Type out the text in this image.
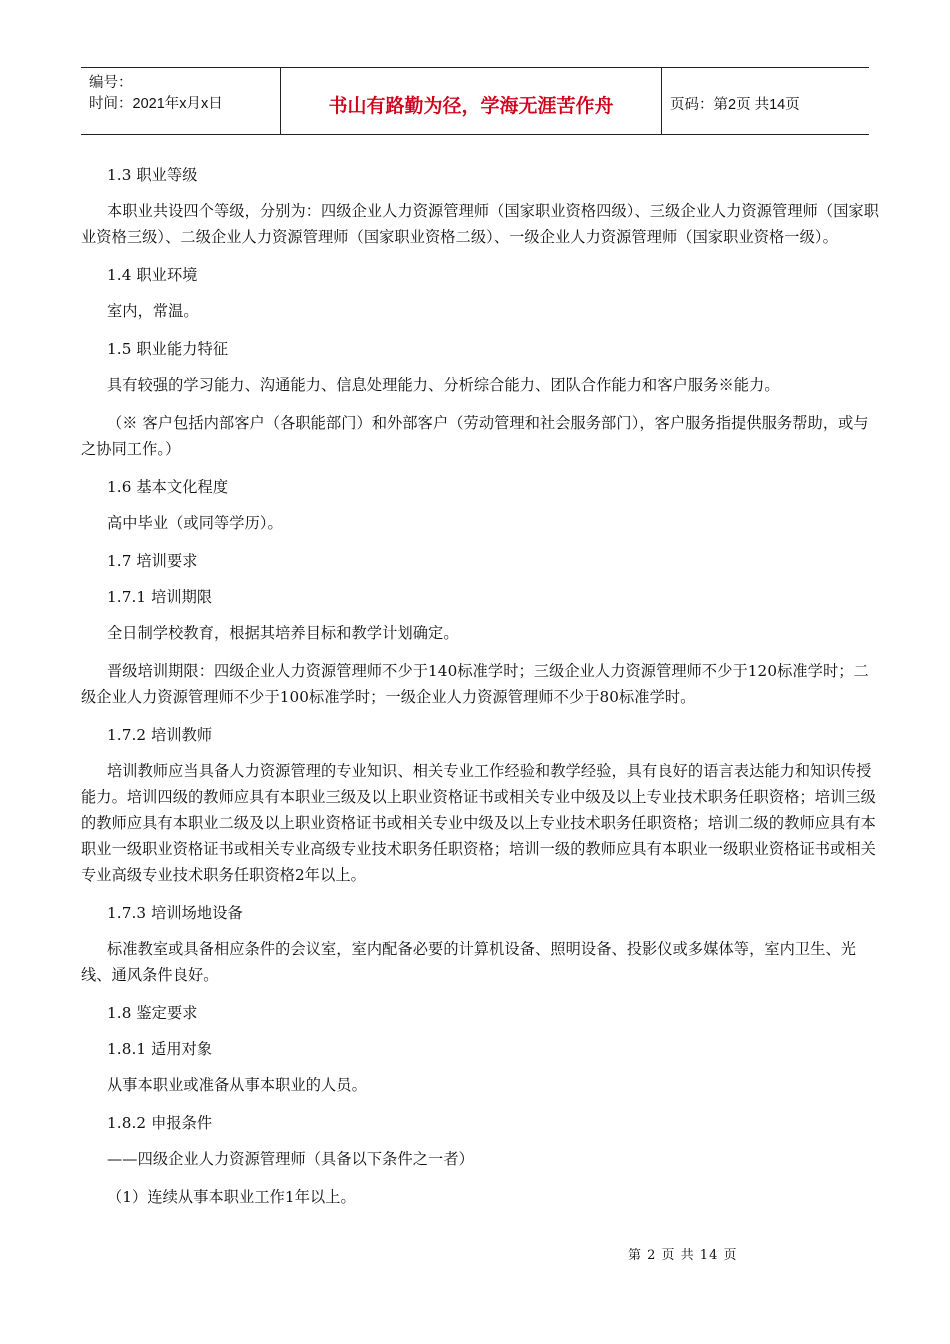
编号：
时间：2021年x月x日	书山有路勤为径，学海无涯苦作舟	页码：第2页 共14页

1.3 职业等级

本职业共设四个等级，分别为：四级企业人力资源管理师（国家职业资格四级）、三级企业人力资源管理师（国家职业资格三级）、二级企业人力资源管理师（国家职业资格二级）、一级企业人力资源管理师（国家职业资格一级）。

1.4 职业环境

室内，常温。

1.5 职业能力特征

具有较强的学习能力、沟通能力、信息处理能力、分析综合能力、团队合作能力和客户服务※能力。

（※ 客户包括内部客户（各职能部门）和外部客户（劳动管理和社会服务部门），客户服务指提供服务帮助，或与之协同工作。）

1.6 基本文化程度

高中毕业（或同等学历）。

1.7 培训要求

1.7.1 培训期限

全日制学校教育，根据其培养目标和教学计划确定。

晋级培训期限：四级企业人力资源管理师不少于140标准学时；三级企业人力资源管理师不少于120标准学时；二级企业人力资源管理师不少于100标准学时；一级企业人力资源管理师不少于80标准学时。

1.7.2 培训教师

培训教师应当具备人力资源管理的专业知识、相关专业工作经验和教学经验，具有良好的语言表达能力和知识传授能力。培训四级的教师应具有本职业三级及以上职业资格证书或相关专业中级及以上专业技术职务任职资格；培训三级的教师应具有本职业二级及以上职业资格证书或相关专业中级及以上专业技术职务任职资格；培训二级的教师应具有本职业一级职业资格证书或相关专业高级专业技术职务任职资格；培训一级的教师应具有本职业一级职业资格证书或相关专业高级专业技术职务任职资格2年以上。

1.7.3 培训场地设备

标准教室或具备相应条件的会议室，室内配备必要的计算机设备、照明设备、投影仪或多媒体等，室内卫生、光线、通风条件良好。

1.8 鉴定要求

1.8.1 适用对象

从事本职业或准备从事本职业的人员。

1.8.2 申报条件

——四级企业人力资源管理师（具备以下条件之一者）

（1）连续从事本职业工作1年以上。

第 2 页 共 14 页
